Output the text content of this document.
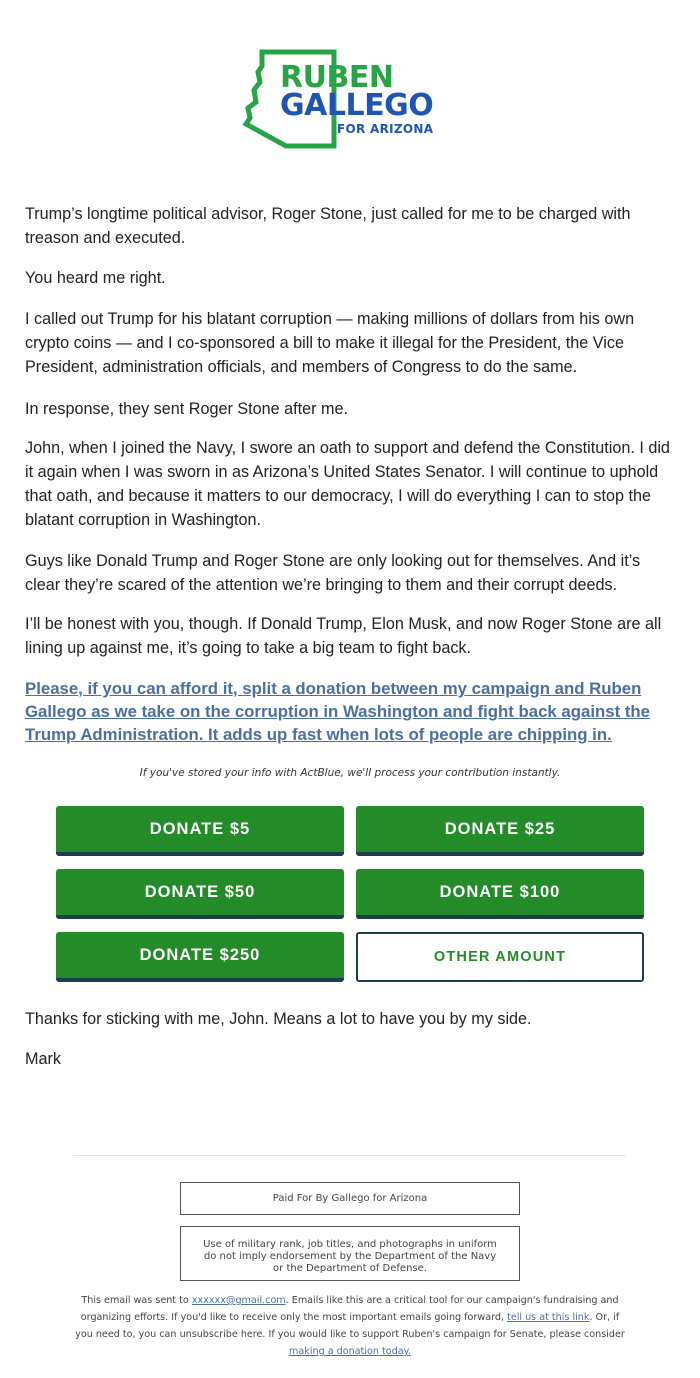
RUBEN
GALLEGO
FOR ARIZONA

Trump’s longtime political advisor, Roger Stone, just called for me to be charged with treason and executed.

You heard me right.

I called out Trump for his blatant corruption — making millions of dollars from his own crypto coins — and I co-sponsored a bill to make it illegal for the President, the Vice President, administration officials, and members of Congress to do the same.

In response, they sent Roger Stone after me.

John, when I joined the Navy, I swore an oath to support and defend the Constitution. I did it again when I was sworn in as Arizona’s United States Senator. I will continue to uphold that oath, and because it matters to our democracy, I will do everything I can to stop the blatant corruption in Washington.

Guys like Donald Trump and Roger Stone are only looking out for themselves. And it’s clear they’re scared of the attention we’re bringing to them and their corrupt deeds.

I’ll be honest with you, though. If Donald Trump, Elon Musk, and now Roger Stone are all lining up against me, it’s going to take a big team to fight back.

Please, if you can afford it, split a donation between my campaign and Ruben Gallego as we take on the corruption in Washington and fight back against the Trump Administration. It adds up fast when lots of people are chipping in.
If you've stored your info with ActBlue, we'll process your contribution instantly.
DONATE $5	DONATE $25
DONATE $50	DONATE $100
DONATE $250	OTHER AMOUNT

Thanks for sticking with me, John. Means a lot to have you by my side.

Mark

Paid For By Gallego for Arizona
Use of military rank, job titles, and photographs in uniform do not imply endorsement by the Department of the Navy or the Department of Defense.
This email was sent to xxxxxx@gmail.com. Emails like this are a critical tool for our campaign's fundraising and organizing efforts. If you'd like to receive only the most important emails going forward, tell us at this link. Or, if you need to, you can unsubscribe here. If you would like to support Ruben's campaign for Senate, please consider making a donation today.
